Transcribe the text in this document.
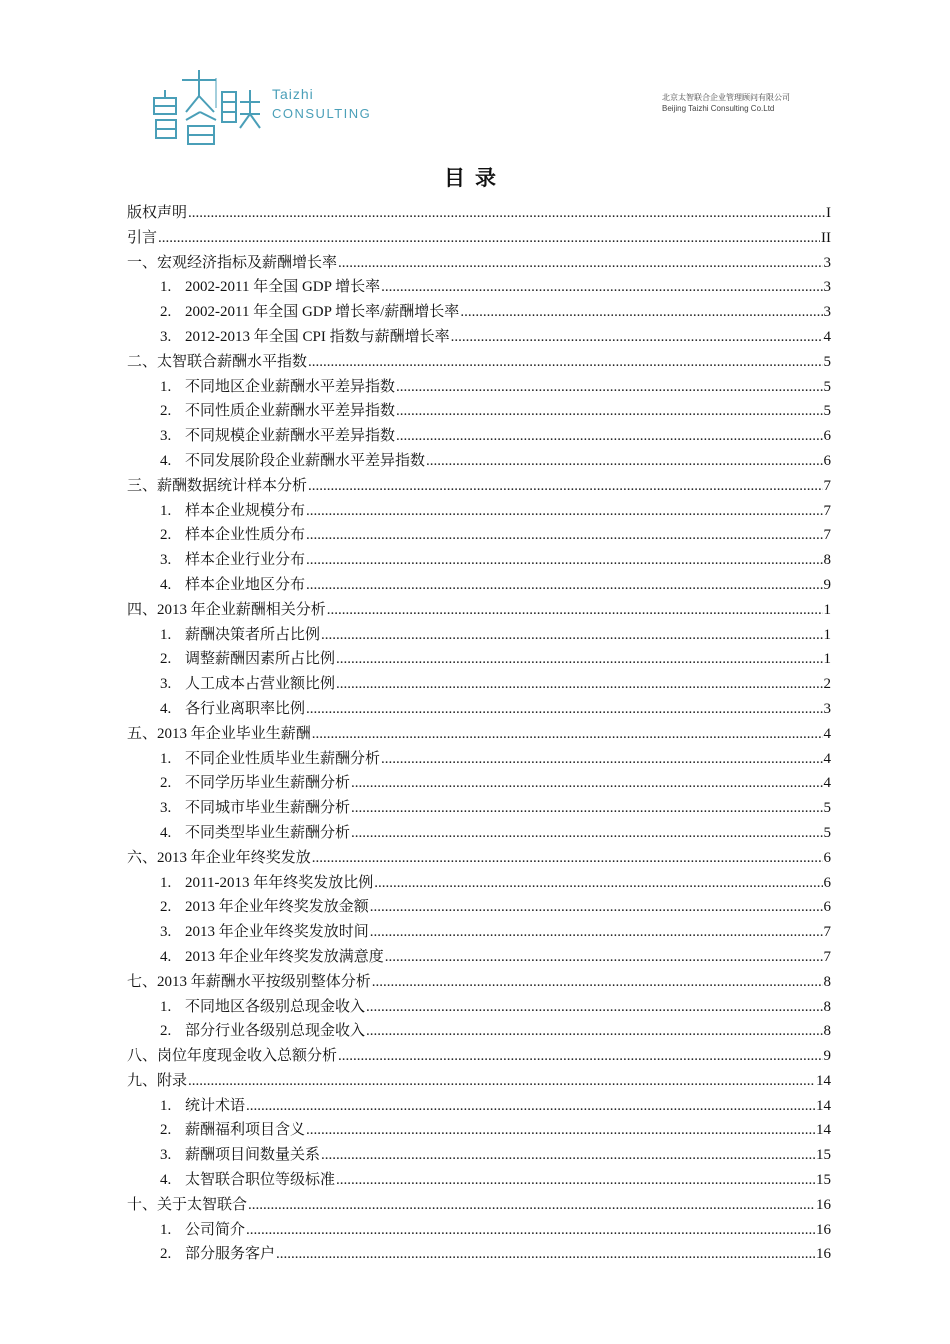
Taizhi
CONSULTING
北京太智联合企业管理顾问有限公司
Beijing Taizhi Consulting Co.Ltd
目录
版权声明 .....	I
引言 .....	II
一、宏观经济指标及薪酬增长率 .....	3
1. 2002-2011 年全国 GDP 增长率 .....	3
2. 2002-2011 年全国 GDP 增长率/薪酬增长率 .....	3
3. 2012-2013 年全国 CPI 指数与薪酬增长率 .....	4
二、太智联合薪酬水平指数 .....	5
1. 不同地区企业薪酬水平差异指数 .....	5
2. 不同性质企业薪酬水平差异指数 .....	5
3. 不同规模企业薪酬水平差异指数 .....	6
4. 不同发展阶段企业薪酬水平差异指数 .....	6
三、薪酬数据统计样本分析 .....	7
1. 样本企业规模分布 .....	7
2. 样本企业性质分布 .....	7
3. 样本企业行业分布 .....	8
4. 样本企业地区分布 .....	9
四、2013 年企业薪酬相关分析 .....	1
1. 薪酬决策者所占比例 .....	1
2. 调整薪酬因素所占比例 .....	1
3. 人工成本占营业额比例 .....	2
4. 各行业离职率比例 .....	3
五、2013 年企业毕业生薪酬 .....	4
1. 不同企业性质毕业生薪酬分析 .....	4
2. 不同学历毕业生薪酬分析 .....	4
3. 不同城市毕业生薪酬分析 .....	5
4. 不同类型毕业生薪酬分析 .....	5
六、2013 年企业年终奖发放 .....	6
1. 2011-2013 年年终奖发放比例 .....	6
2. 2013 年企业年终奖发放金额 .....	6
3. 2013 年企业年终奖发放时间 .....	7
4. 2013 年企业年终奖发放满意度 .....	7
七、2013 年薪酬水平按级别整体分析 .....	8
1. 不同地区各级别总现金收入 .....	8
2. 部分行业各级别总现金收入 .....	8
八、岗位年度现金收入总额分析 .....	9
九、附录 .....	14
1. 统计术语 .....	14
2. 薪酬福利项目含义 .....	14
3. 薪酬项目间数量关系 .....	15
4. 太智联合职位等级标准 .....	15
十、关于太智联合 .....	16
1. 公司简介 .....	16
2. 部分服务客户 .....	16
